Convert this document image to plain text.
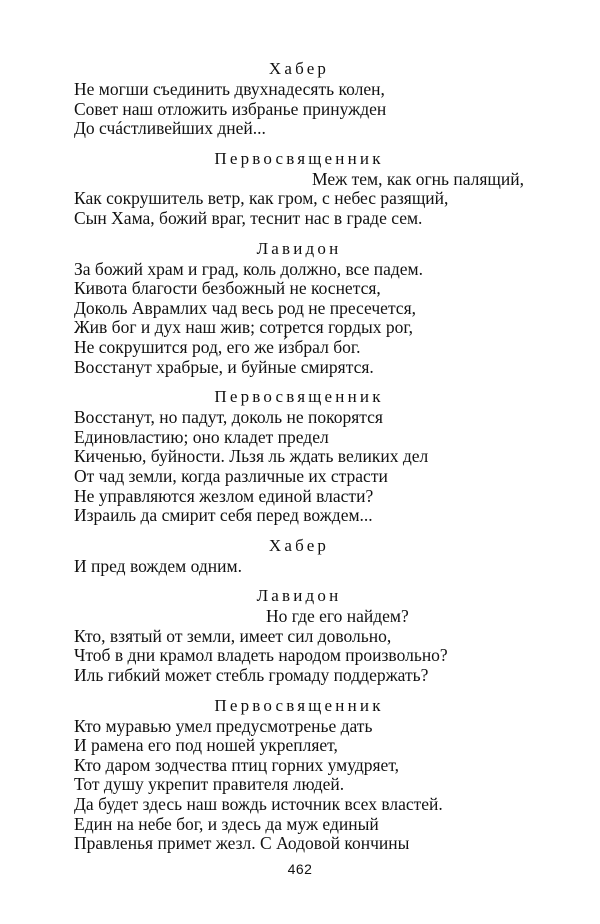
Хабер
Не могши съединить двухнадесять колен,
Совет наш отложить избранье принужден
До счáстливейших дней...
Первосвященник
Меж тем, как огнь палящий,
Как сокрушитель ветр, как гром, с небес разящий,
Сын Хама, божий враг, теснит нас в граде сем.
Лавидон
За божий храм и град, коль должно, все падем.
Кивота благости безбожный не коснется,
Доколь Аврамлих чад весь род не пресечется,
Жив бог и дух наш жив; сотрется гордых рог,
Не сокрушится род, его же и́збрал бог.
Восстанут храбрые, и буйные смирятся.
Первосвященник
Восстанут, но падут, доколь не покорятся
Единовластию; оно кладет предел
Киченью, буйности. Льзя ль ждать великих дел
От чад земли, когда различные их страсти
Не управляются жезлом единой власти?
Израиль да смирит себя перед вождем...
Хабер
И пред вождем одним.
Лавидон
Но где его найдем?
Кто, взятый от земли, имеет сил довольно,
Чтоб в дни крамол владеть народом произвольно?
Иль гибкий может стебль громаду поддержать?
Первосвященник
Кто муравью умел предусмотренье дать
И рамена его под ношей укрепляет,
Кто даром зодчества птиц горних умудряет,
Тот душу укрепит правителя людей.
Да будет здесь наш вождь источник всех властей.
Един на небе бог, и здесь да муж единый
Правленья примет жезл. С Аодовой кончины
462
